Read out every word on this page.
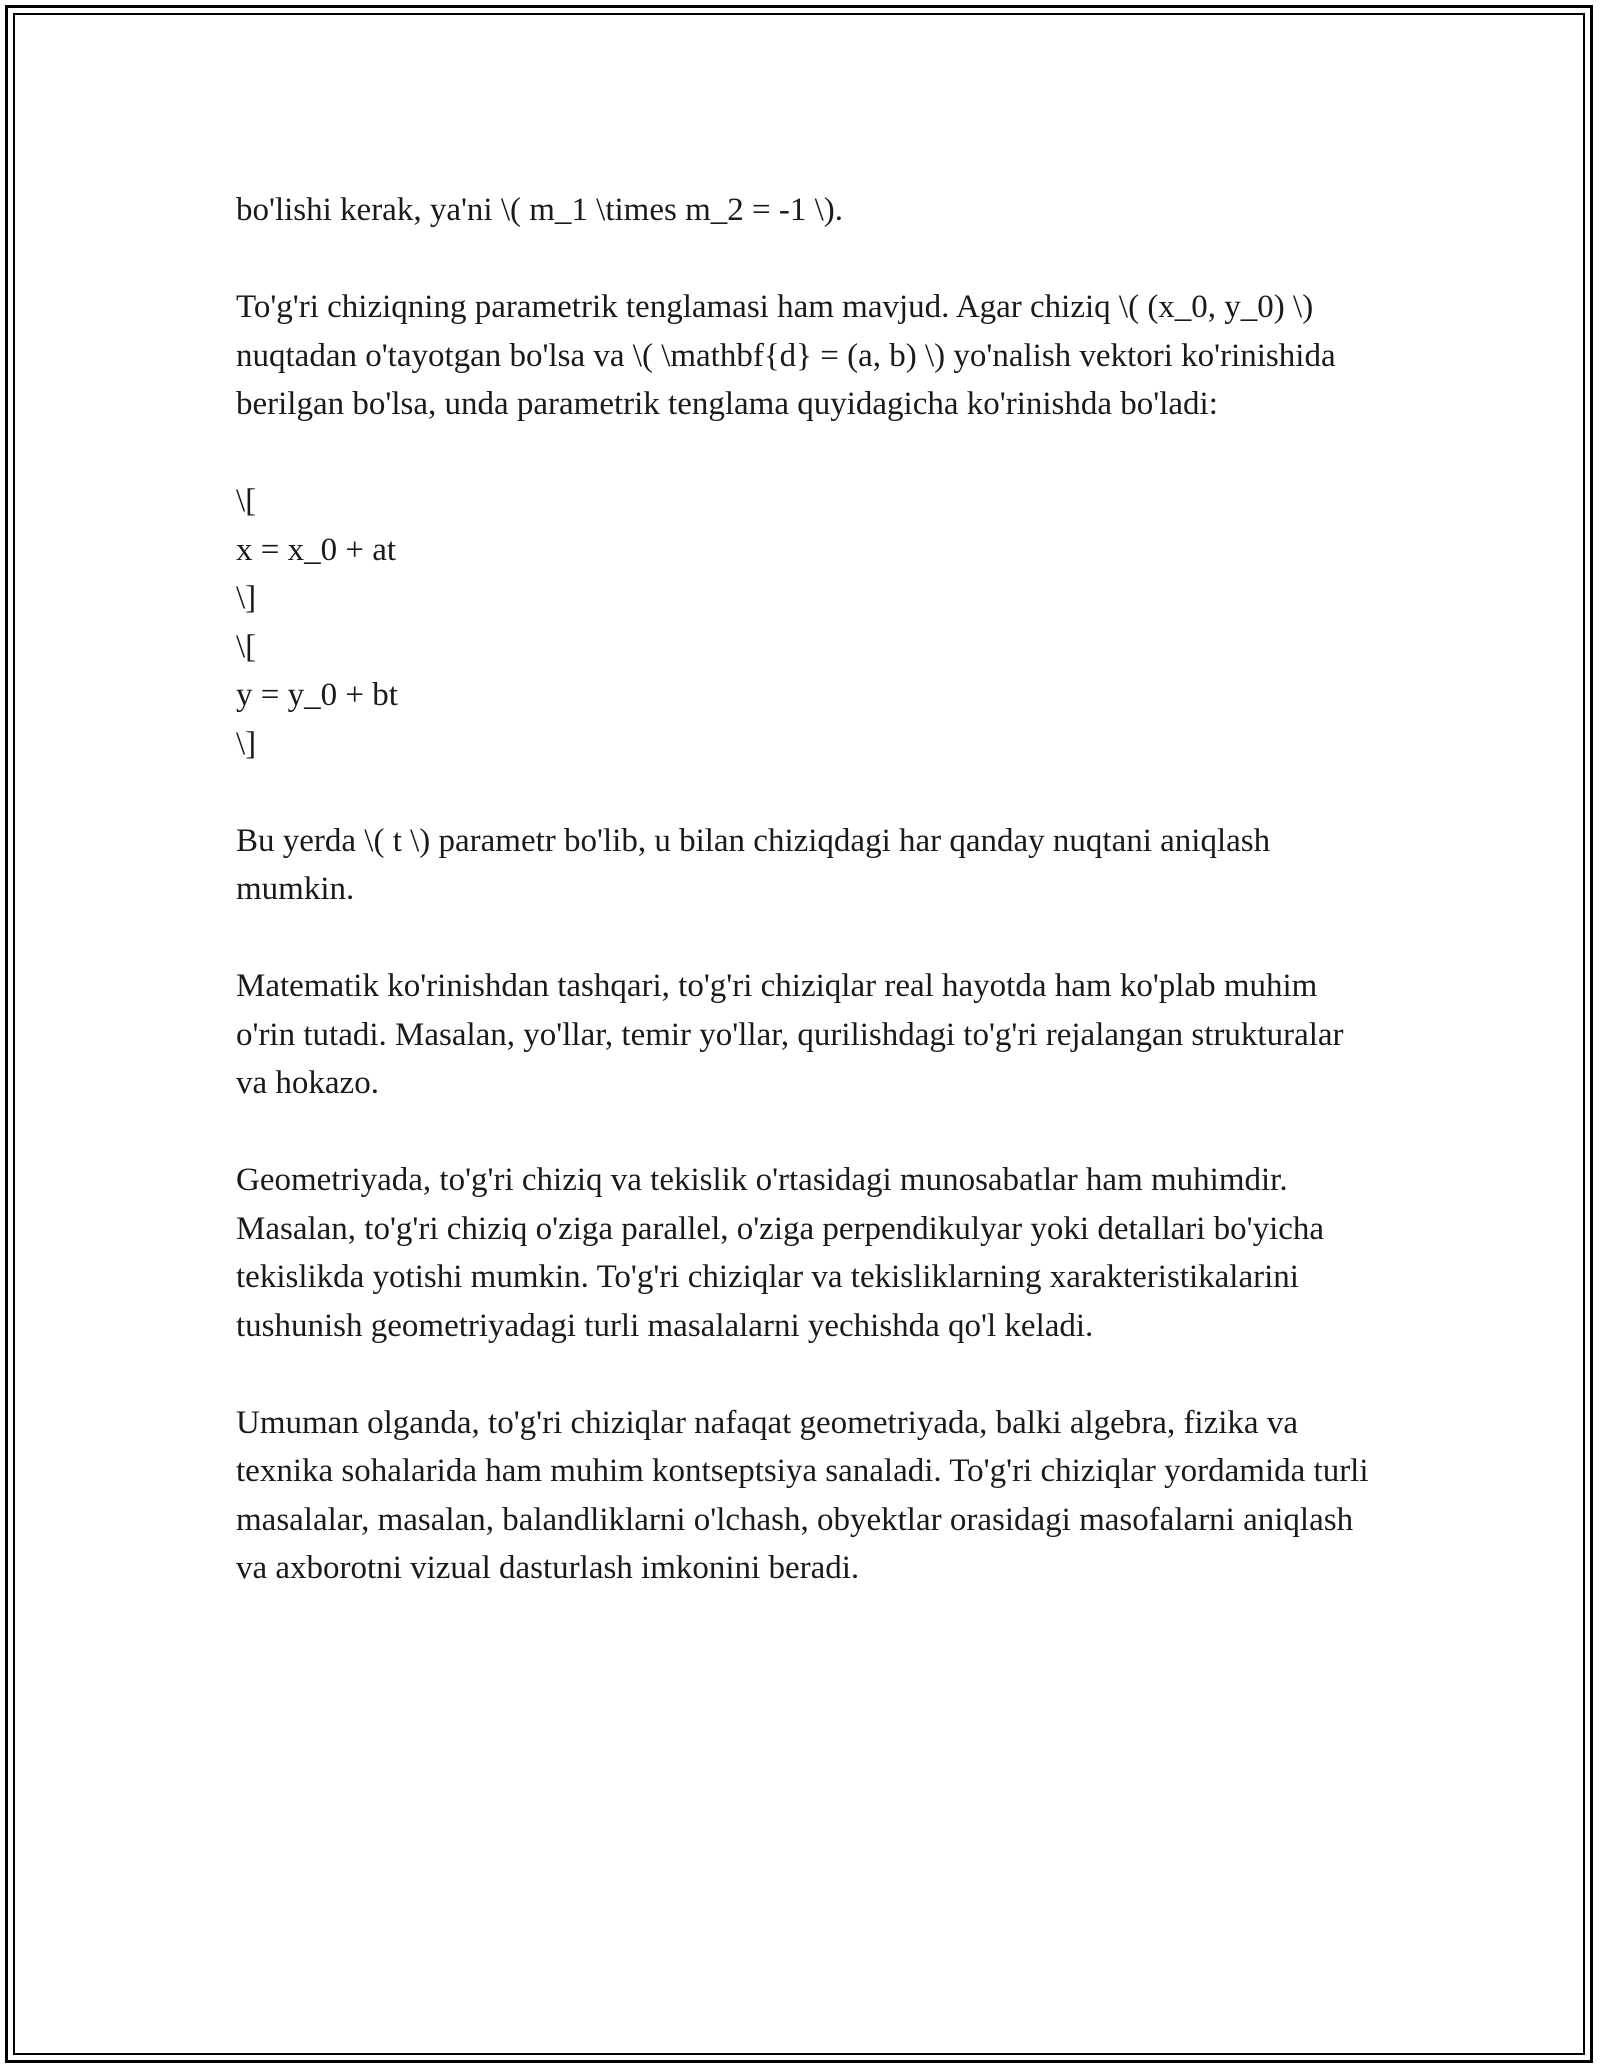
bo'lishi kerak, ya'ni \( m_1 \times m_2 = -1 \).

To'g'ri chiziqning parametrik tenglamasi ham mavjud. Agar chiziq \( (x_0, y_0) \) nuqtadan o'tayotgan bo'lsa va \( \mathbf{d} = (a, b) \) yo'nalish vektori ko'rinishida berilgan bo'lsa, unda parametrik tenglama quyidagicha ko'rinishda bo'ladi:

\[
x = x_0 + at
\]
\[
y = y_0 + bt
\]

Bu yerda \( t \) parametr bo'lib, u bilan chiziqdagi har qanday nuqtani aniqlash mumkin.

Matematik ko'rinishdan tashqari, to'g'ri chiziqlar real hayotda ham ko'plab muhim o'rin tutadi. Masalan, yo'llar, temir yo'llar, qurilishdagi to'g'ri rejalangan strukturalar va hokazo.

Geometriyada, to'g'ri chiziq va tekislik o'rtasidagi munosabatlar ham muhimdir. Masalan, to'g'ri chiziq o'ziga parallel, o'ziga perpendikulyar yoki detallari bo'yicha tekislikda yotishi mumkin. To'g'ri chiziqlar va tekisliklarning xarakteristikalarini tushunish geometriyadagi turli masalalarni yechishda qo'l keladi.

Umuman olganda, to'g'ri chiziqlar nafaqat geometriyada, balki algebra, fizika va texnika sohalarida ham muhim kontseptsiya sanaladi. To'g'ri chiziqlar yordamida turli masalalar, masalan, balandliklarni o'lchash, obyektlar orasidagi masofalarni aniqlash va axborotni vizual dasturlash imkonini beradi.
